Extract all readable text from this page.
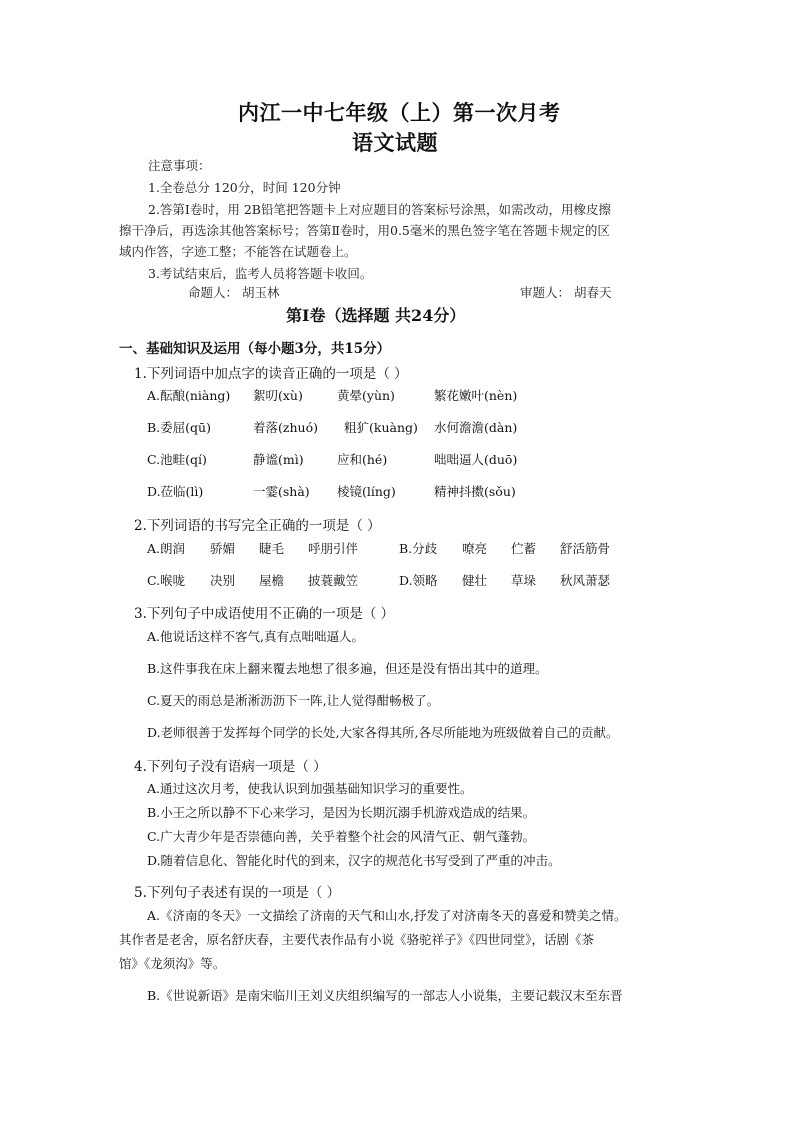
内江一中七年级（上）第一次月考
语文试题
注意事项：
1.全卷总分 120分，时间 120分钟
2.答第Ⅰ卷时，用 2B铅笔把答题卡上对应题目的答案标号涂黑，如需改动，用橡皮擦
擦干净后，再选涂其他答案标号；答第Ⅱ卷时，用0.5毫米的黑色签字笔在答题卡规定的区
域内作答，字迹工整；不能答在试题卷上。
3.考试结束后，监考人员将答题卡收回。
命题人： 胡玉林	审题人： 胡春天
第Ⅰ卷（选择题 共24分）
一、基础知识及运用（每小题3分，共15分）
1.下列词语中加点字的读音正确的一项是（ ）
A.酝酿(niàng) 絮叨(xù)	黄晕(yùn)	繁花嫩叶(nèn)
B.委屈(qū)	着落(zhuó) 粗犷(kuàng) 水何澹澹(dàn)
C.池畦(qí)	静谧(mì)	应和(hé)	咄咄逼人(duō)
D.莅临(lì)	一霎(shà) 棱镜(líng)	精神抖擞(sǒu)
2.下列词语的书写完全正确的一项是（ ）
A.朗润 骄媚 睫毛 呼朋引伴	B.分歧 嘹亮 伫蓄 舒活筋骨
C.喉咙 决别 屋檐 披蓑戴笠	D.领略 健壮 草垛 秋风萧瑟
3.下列句子中成语使用不正确的一项是（ ）
A.他说话这样不客气,真有点咄咄逼人。
B.这件事我在床上翻来覆去地想了很多遍，但还是没有悟出其中的道理。
C.夏天的雨总是淅淅沥沥下一阵,让人觉得酣畅极了。
D.老师很善于发挥每个同学的长处,大家各得其所,各尽所能地为班级做着自己的贡献。
4.下列句子没有语病一项是（ ）
A.通过这次月考，使我认识到加强基础知识学习的重要性。
B.小王之所以静不下心来学习，是因为长期沉溺手机游戏造成的结果。
C.广大青少年是否崇德向善，关乎着整个社会的风清气正、朝气蓬勃。
D.随着信息化、智能化时代的到来，汉字的规范化书写受到了严重的冲击。
5.下列句子表述有误的一项是（ ）
A.《济南的冬天》一文描绘了济南的天气和山水,抒发了对济南冬天的喜爱和赞美之情。
其作者是老舍，原名舒庆春，主要代表作品有小说《骆驼祥子》《四世同堂》，话剧《茶
馆》《龙须沟》等。
B.《世说新语》是南宋临川王刘义庆组织编写的一部志人小说集，主要记载汉末至东晋
